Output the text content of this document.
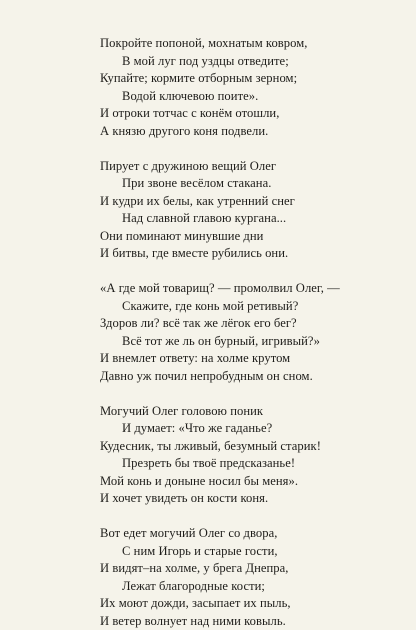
Покройте попоной, мохнатым ковром,
В мой луг под уздцы отведите;
Купайте; кормите отборным зерном;
Водой ключевою поите».
И отроки тотчас с конём отошли,
А князю другого коня подвели.
Пирует с дружиною вещий Олег
При звоне весёлом стакана.
И кудри их белы, как утренний снег
Над славной главою кургана...
Они поминают минувшие дни
И битвы, где вместе рубились они.
«А где мой товарищ? — промолвил Олег, —
Скажите, где конь мой ретивый?
Здоров ли? всё так же лёгок его бег?
Всё тот же ль он бурный, игривый?»
И внемлет ответу: на холме крутом
Давно уж почил непробудным он сном.
Могучий Олег головою поник
И думает: «Что же гаданье?
Кудесник, ты лживый, безумный старик!
Презреть бы твоё предсказанье!
Мой конь и доныне носил бы меня».
И хочет увидеть он кости коня.
Вот едет могучий Олег со двора,
С ним Игорь и старые гости,
И видят–на холме, у брега Днепра,
Лежат благородные кости;
Их моют дожди, засыпает их пыль,
И ветер волнует над ними ковыль.
